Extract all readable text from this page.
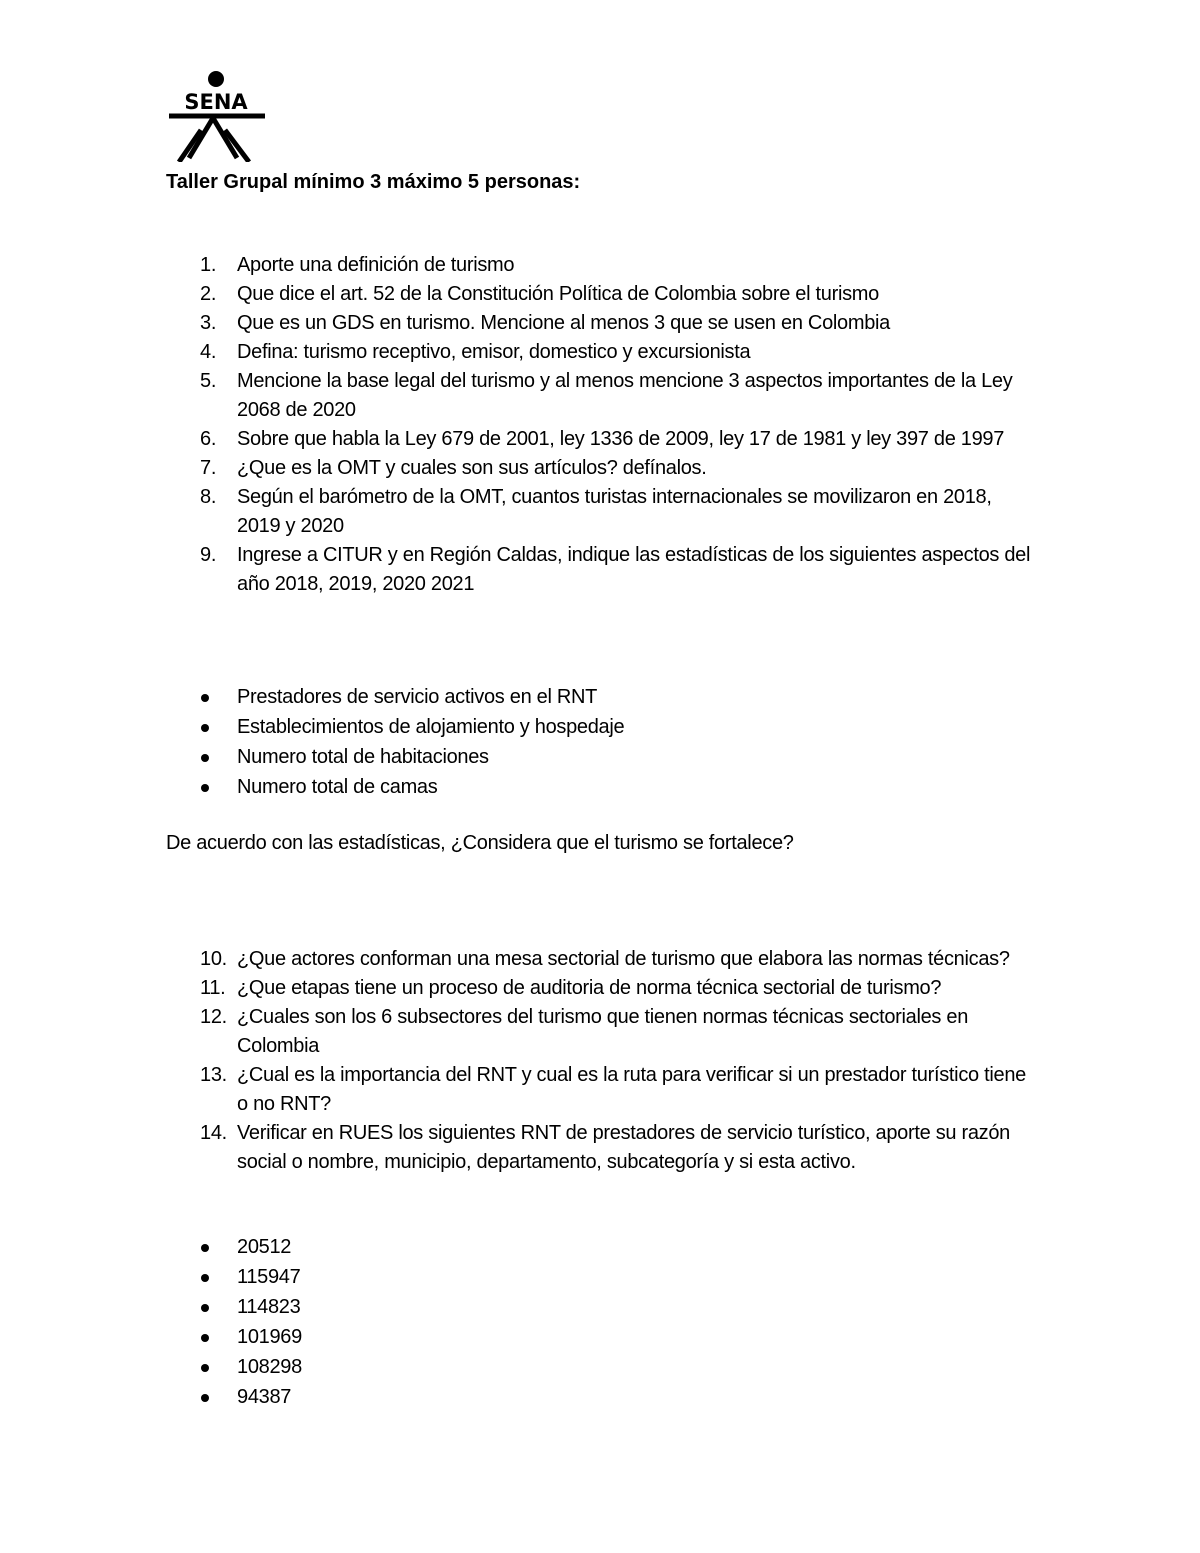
SENA
Taller Grupal mínimo 3 máximo 5 personas:
1.	Aporte una definición de turismo
2.	Que dice el art. 52 de la Constitución Política de Colombia sobre el turismo
3.	Que es un GDS en turismo. Mencione al menos 3 que se usen en Colombia
4.	Defina: turismo receptivo, emisor, domestico y excursionista
5.	Mencione la base legal del turismo y al menos mencione 3 aspectos importantes de la Ley 2068 de 2020
6.	Sobre que habla la Ley 679 de 2001, ley 1336 de 2009, ley 17 de 1981 y ley 397 de 1997
7.	¿Que es la OMT y cuales son sus artículos? defínalos.
8.	Según el barómetro de la OMT, cuantos turistas internacionales se movilizaron en 2018, 2019 y 2020
9.	Ingrese a CITUR y en Región Caldas, indique las estadísticas de los siguientes aspectos del año 2018, 2019, 2020 2021
Prestadores de servicio activos en el RNT
Establecimientos de alojamiento y hospedaje
Numero total de habitaciones
Numero total de camas
De acuerdo con las estadísticas, ¿Considera que el turismo se fortalece?
10. ¿Que actores conforman una mesa sectorial de turismo que elabora las normas técnicas?
11. ¿Que etapas tiene un proceso de auditoria de norma técnica sectorial de turismo?
12. ¿Cuales son los 6 subsectores del turismo que tienen normas técnicas sectoriales en Colombia
13. ¿Cual es la importancia del RNT y cual es la ruta para verificar si un prestador turístico tiene o no RNT?
14. Verificar en RUES los siguientes RNT de prestadores de servicio turístico, aporte su razón social o nombre, municipio, departamento, subcategoría y si esta activo.
20512
115947
114823
101969
108298
94387
